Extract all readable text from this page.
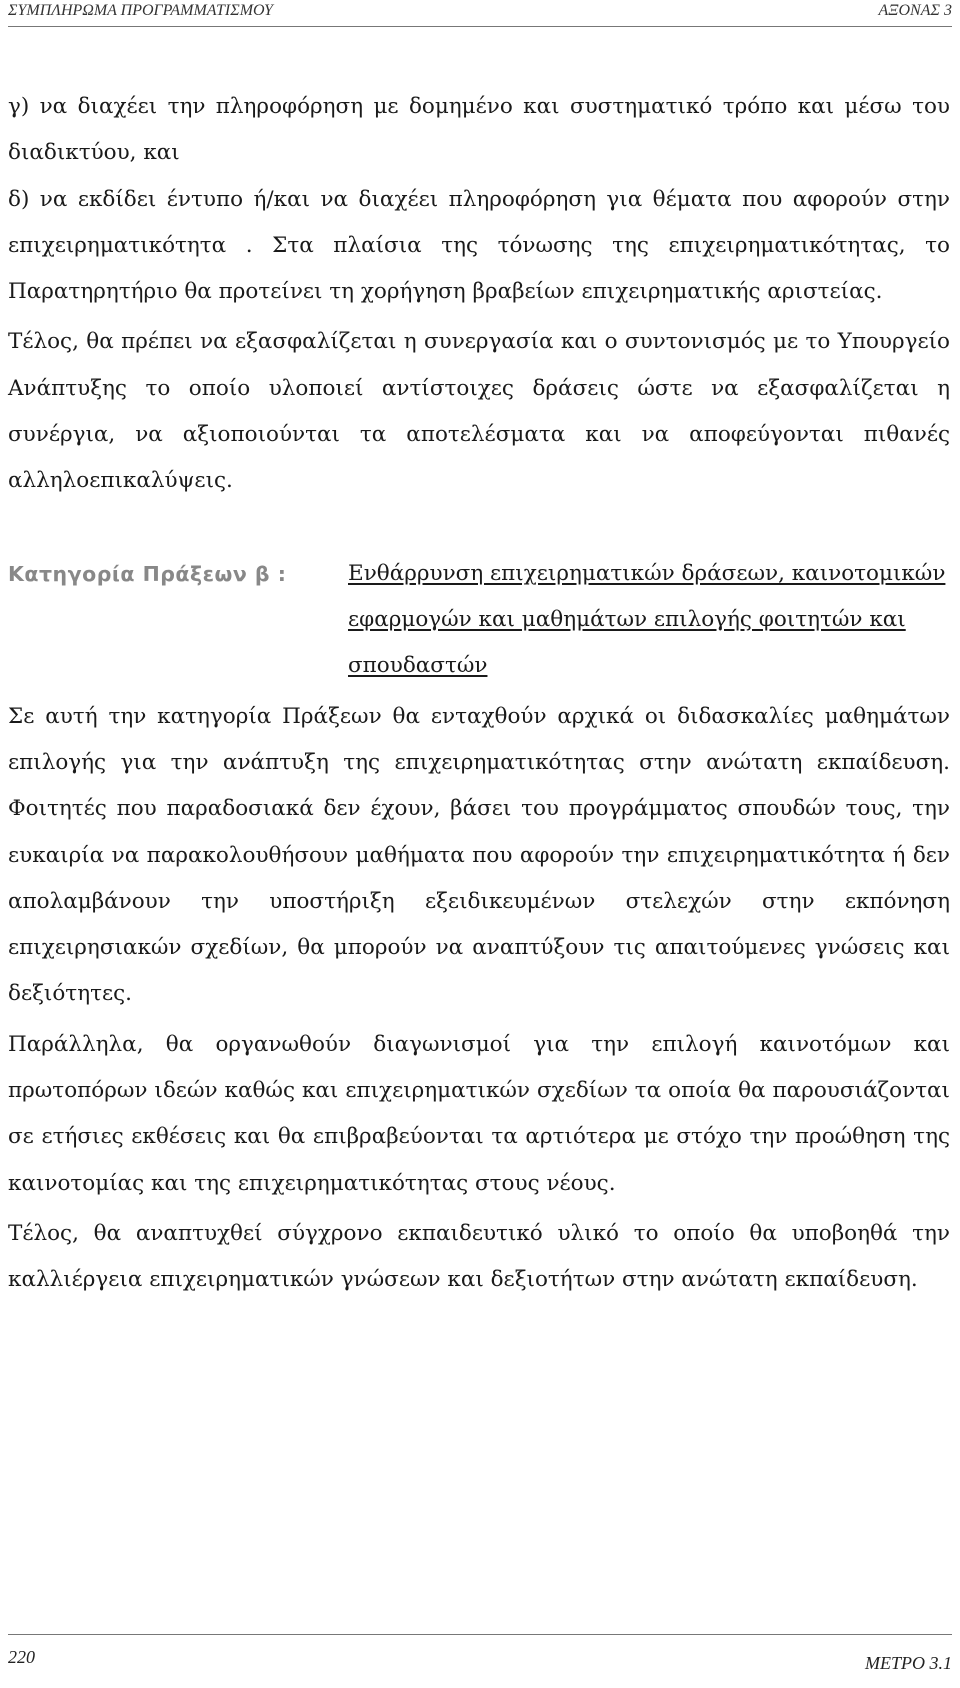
ΣΥΜΠΛΗΡΩΜΑ ΠΡΟΓΡΑΜΜΑΤΙΣΜΟΥ	ΑΞΟΝΑΣ 3

γ) να διαχέει την πληροφόρηση με δομημένο και συστηματικό τρόπο και μέσω του διαδικτύου, και

δ) να εκδίδει έντυπο ή/και να διαχέει πληροφόρηση για θέματα που αφορούν στην επιχειρηματικότητα . Στα πλαίσια της τόνωσης της επιχειρηματικότητας, το Παρατηρητήριο θα προτείνει τη χορήγηση βραβείων επιχειρηματικής αριστείας.

Τέλος, θα πρέπει να εξασφαλίζεται η συνεργασία και ο συντονισμός με το Υπουργείο Ανάπτυξης το οποίο υλοποιεί αντίστοιχες δράσεις ώστε να εξασφαλίζεται η συνέργια, να αξιοποιούνται τα αποτελέσματα και να αποφεύγονται πιθανές αλληλοεπικαλύψεις.

Κατηγορία Πράξεων β :	Ενθάρρυνση επιχειρηματικών δράσεων, καινοτομικών εφαρμογών και μαθημάτων επιλογής φοιτητών και σπουδαστών

Σε αυτή την κατηγορία Πράξεων θα ενταχθούν αρχικά οι διδασκαλίες μαθημάτων επιλογής για την ανάπτυξη της επιχειρηματικότητας στην ανώτατη εκπαίδευση. Φοιτητές που παραδοσιακά δεν έχουν, βάσει του προγράμματος σπουδών τους, την ευκαιρία να παρακολουθήσουν μαθήματα που αφορούν την επιχειρηματικότητα ή δεν απολαμβάνουν την υποστήριξη εξειδικευμένων στελεχών στην εκπόνηση επιχειρησιακών σχεδίων, θα μπορούν να αναπτύξουν τις απαιτούμενες γνώσεις και δεξιότητες.

Παράλληλα, θα οργανωθούν διαγωνισμοί για την επιλογή καινοτόμων και πρωτοπόρων ιδεών καθώς και επιχειρηματικών σχεδίων τα οποία θα παρουσιάζονται σε ετήσιες εκθέσεις και θα επιβραβεύονται τα αρτιότερα με στόχο την προώθηση της καινοτομίας και της επιχειρηματικότητας στους νέους.

Τέλος, θα αναπτυχθεί σύγχρονο εκπαιδευτικό υλικό το οποίο θα υποβοηθά την καλλιέργεια επιχειρηματικών γνώσεων και δεξιοτήτων στην ανώτατη εκπαίδευση.

220	ΜΕΤΡΟ 3.1
